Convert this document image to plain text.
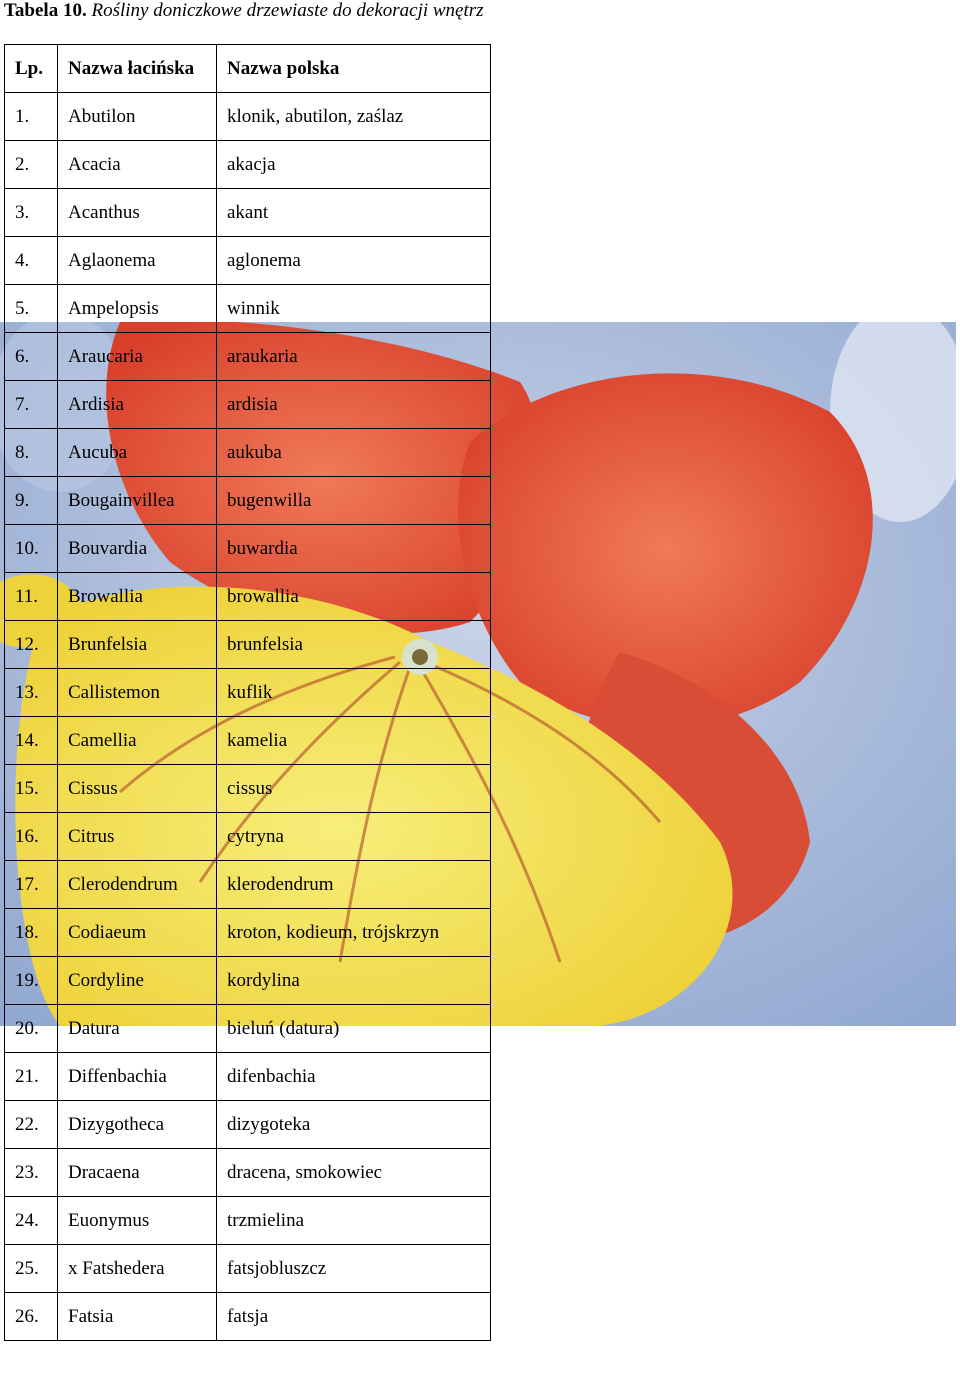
Tabela 10. Rośliny doniczkowe drzewiaste do dekoracji wnętrz
Lp.	Nazwa łacińska	Nazwa polska
1.	Abutilon	klonik, abutilon, zaślaz
2.	Acacia	akacja
3.	Acanthus	akant
4.	Aglaonema	aglonema
5.	Ampelopsis	winnik
6.	Araucaria	araukaria
7.	Ardisia	ardisia
8.	Aucuba	aukuba
9.	Bougainvillea	bugenwilla
10.	Bouvardia	buwardia
11.	Browallia	browallia
12.	Brunfelsia	brunfelsia
13.	Callistemon	kuflik
14.	Camellia	kamelia
15.	Cissus	cissus
16.	Citrus	cytryna
17.	Clerodendrum	klerodendrum
18.	Codiaeum	kroton, kodieum, trójskrzyn
19.	Cordyline	kordylina
20.	Datura	bieluń (datura)
21.	Diffenbachia	difenbachia
22.	Dizygotheca	dizygoteka
23.	Dracaena	dracena, smokowiec
24.	Euonymus	trzmielina
25.	x Fatshedera	fatsjobluszcz
26.	Fatsia	fatsja
